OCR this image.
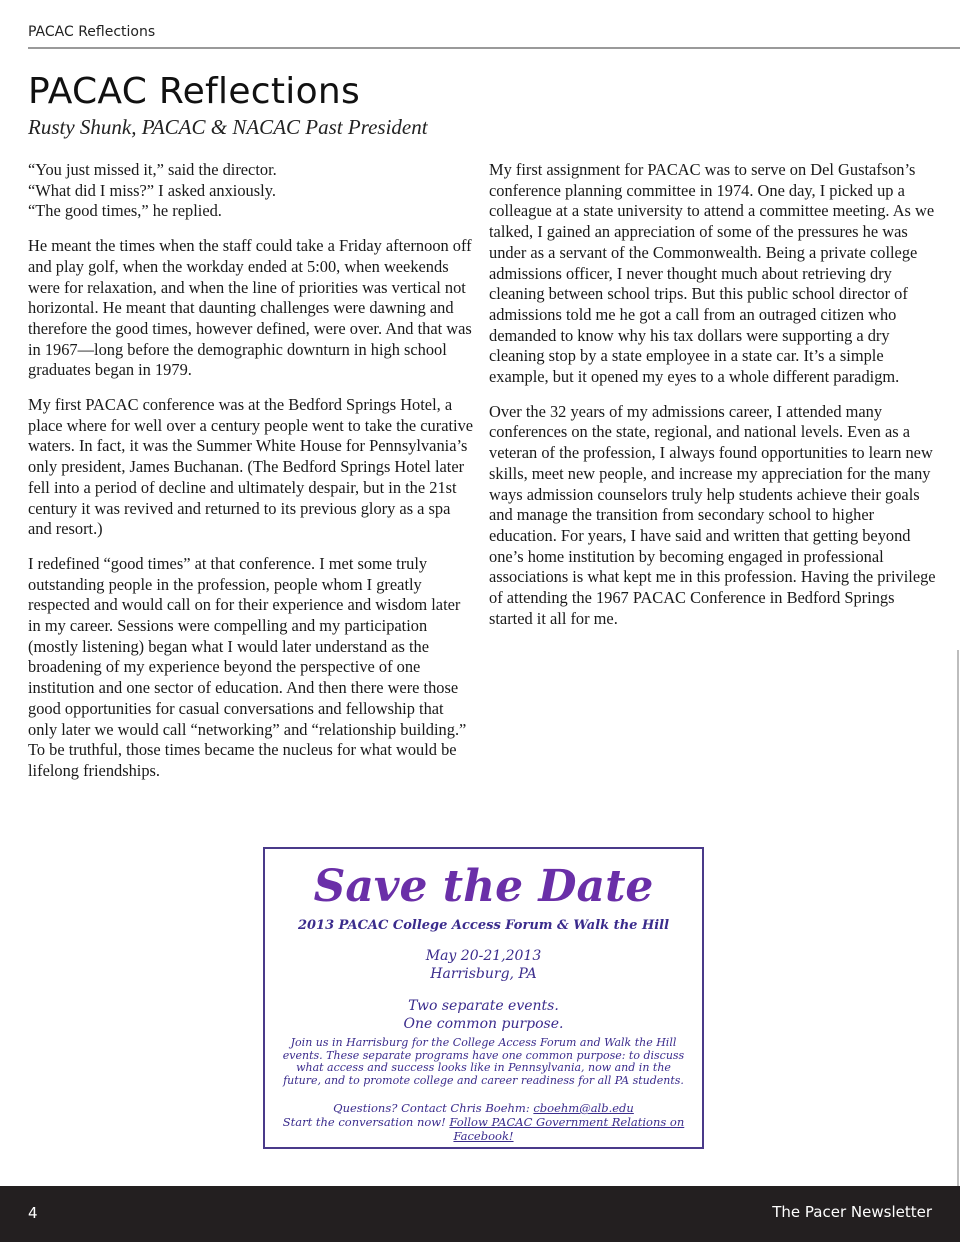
PACAC Reflections
PACAC Reflections
Rusty Shunk, PACAC & NACAC Past President

“You just missed it,” said the director.
“What did I miss?” I asked anxiously.
“The good times,” he replied.

He meant the times when the staff could take a Friday afternoon off and play golf, when the workday ended at 5:00, when weekends were for relaxation, and when the line of priorities was vertical not horizontal. He meant that daunting challenges were dawning and therefore the good times, however defined, were over. And that was in 1967—long before the demographic downturn in high school graduates began in 1979.

My first PACAC conference was at the Bedford Springs Hotel, a place where for well over a century people went to take the curative waters. In fact, it was the Summer White House for Pennsylvania’s only president, James Buchanan. (The Bedford Springs Hotel later fell into a period of decline and ultimately despair, but in the 21st century it was revived and returned to its previous glory as a spa and resort.)

I redefined “good times” at that conference. I met some truly outstanding people in the profession, people whom I greatly respected and would call on for their experience and wisdom later in my career. Sessions were compelling and my participation (mostly listening) began what I would later understand as the broadening of my experience beyond the perspective of one institution and one sector of education. And then there were those good opportunities for casual conversations and fellowship that only later we would call “networking” and “relationship building.” To be truthful, those times became the nucleus for what would be lifelong friendships.

My first assignment for PACAC was to serve on Del Gustafson’s conference planning committee in 1974. One day, I picked up a colleague at a state university to attend a committee meeting. As we talked, I gained an appreciation of some of the pressures he was under as a servant of the Commonwealth. Being a private college admissions officer, I never thought much about retrieving dry cleaning between school trips. But this public school director of admissions told me he got a call from an outraged citizen who demanded to know why his tax dollars were supporting a dry cleaning stop by a state employee in a state car. It’s a simple example, but it opened my eyes to a whole different paradigm.

Over the 32 years of my admissions career, I attended many conferences on the state, regional, and national levels. Even as a veteran of the profession, I always found opportunities to learn new skills, meet new people, and increase my appreciation for the many ways admission counselors truly help students achieve their goals and manage the transition from secondary school to higher education. For years, I have said and written that getting beyond one’s home institution by becoming engaged in professional associations is what kept me in this profession. Having the privilege of attending the 1967 PACAC Conference in Bedford Springs started it all for me.

Save the Date
2013 PACAC College Access Forum & Walk the Hill
May 20-21,2013
Harrisburg, PA
Two separate events.
One common purpose.
Join us in Harrisburg for the College Access Forum and Walk the Hill events. These separate programs have one common purpose: to discuss what access and success looks like in Pennsylvania, now and in the future, and to promote college and career readiness for all PA students.
Questions? Contact Chris Boehm: cboehm@alb.edu
Start the conversation now! Follow PACAC Government Relations on Facebook!
4	The Pacer Newsletter
